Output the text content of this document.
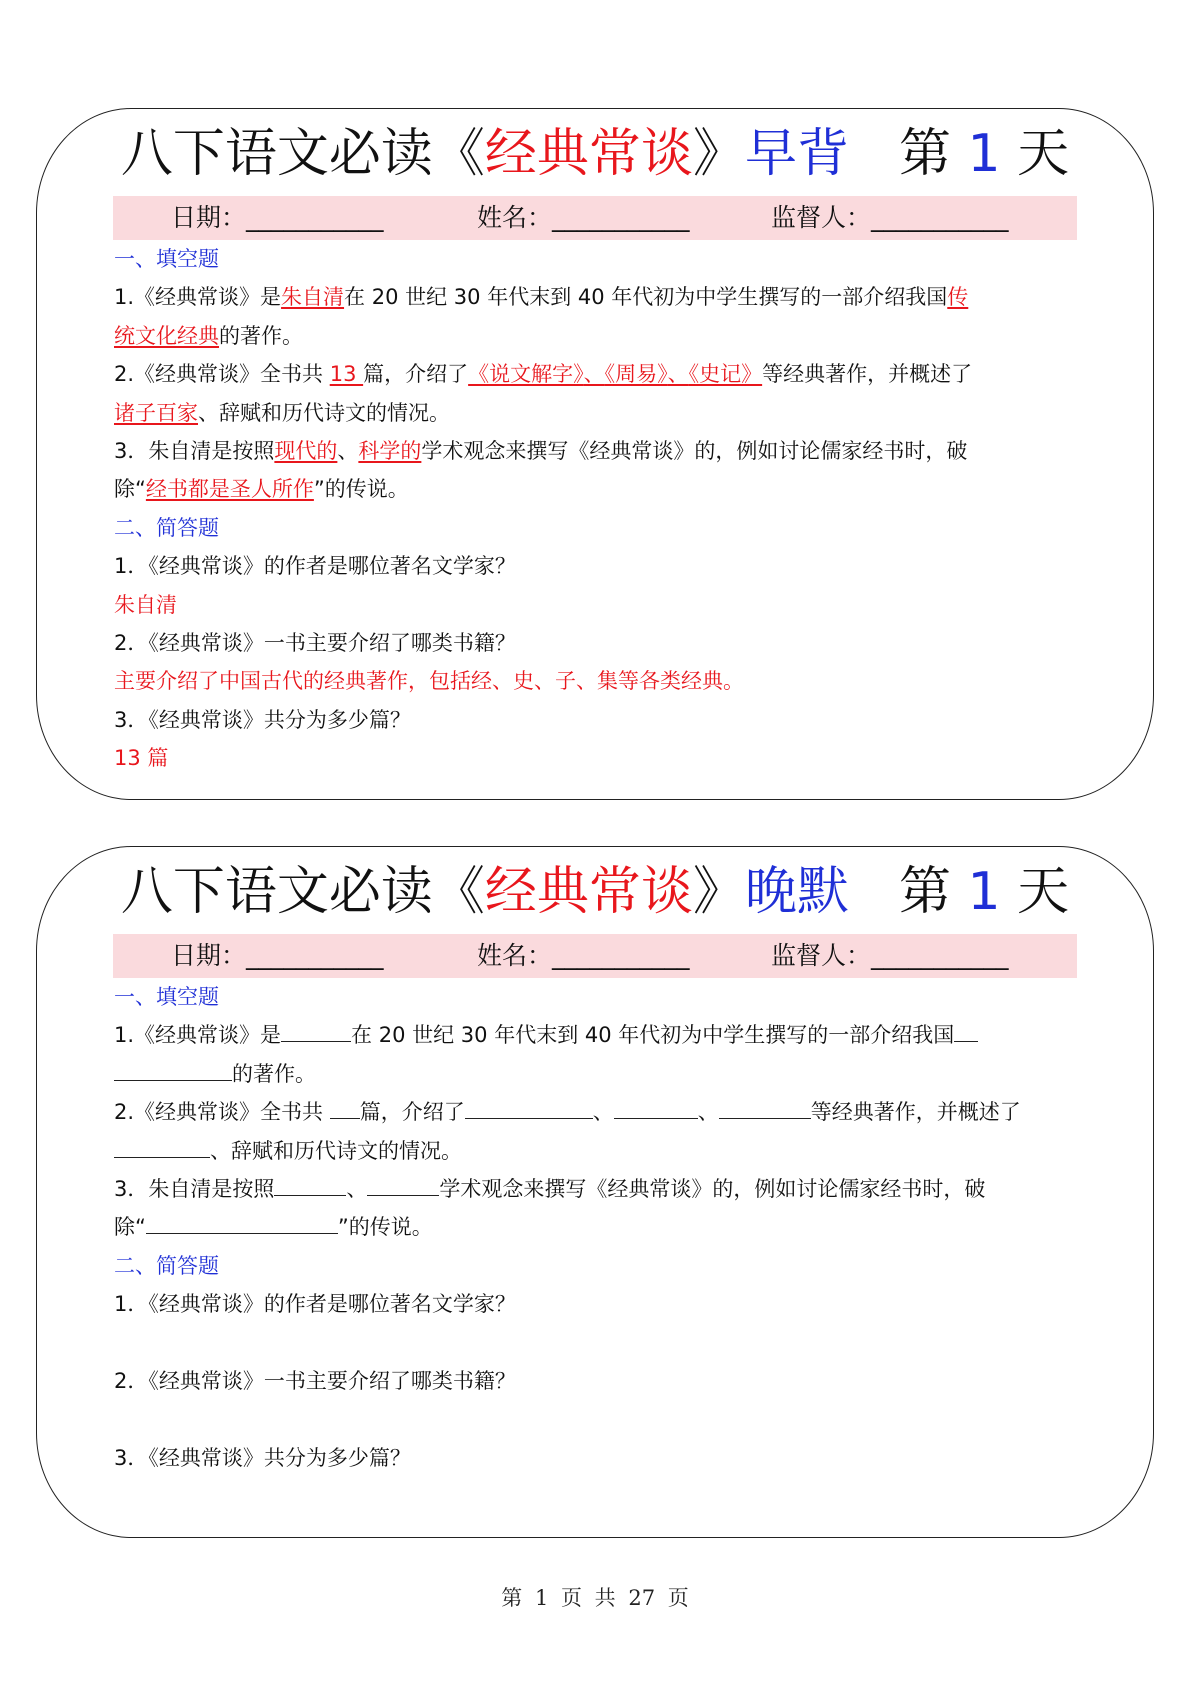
八下语文必读《经典常谈》早背 第 1 天
日期：___________	姓名：___________	监督人：___________

一、填空题

1.《经典常谈》是朱自清在 20 世纪 30 年代末到 40 年代初为中学生撰写的一部介绍我国传
统文化经典的著作。

2.《经典常谈》全书共 13 篇，介绍了《说文解字》、《周易》、《史记》等经典著作，并概述了
诸子百家、辞赋和历代诗文的情况。

3．朱自清是按照现代的、科学的学术观念来撰写《经典常谈》的，例如讨论儒家经书时，破
除“经书都是圣人所作”的传说。

二、简答题

1．《经典常谈》的作者是哪位著名文学家？

朱自清

2．《经典常谈》一书主要介绍了哪类书籍？

主要介绍了中国古代的经典著作，包括经、史、子、集等各类经典。

3．《经典常谈》共分为多少篇？

13 篇

八下语文必读《经典常谈》晚默 第 1 天
日期：___________	姓名：___________	监督人：___________

一、填空题

1.《经典常谈》是	在 20 世纪 30 年代末到 40 年代初为中学生撰写的一部介绍我国
的著作。

2.《经典常谈》全书共 篇，介绍了	、	、	等经典著作，并概述了
、辞赋和历代诗文的情况。

3．朱自清是按照	、	学术观念来撰写《经典常谈》的，例如讨论儒家经书时，破
除“	”的传说。

二、简答题

1．《经典常谈》的作者是哪位著名文学家？

2．《经典常谈》一书主要介绍了哪类书籍？

3．《经典常谈》共分为多少篇？

第 1 页 共 27 页
